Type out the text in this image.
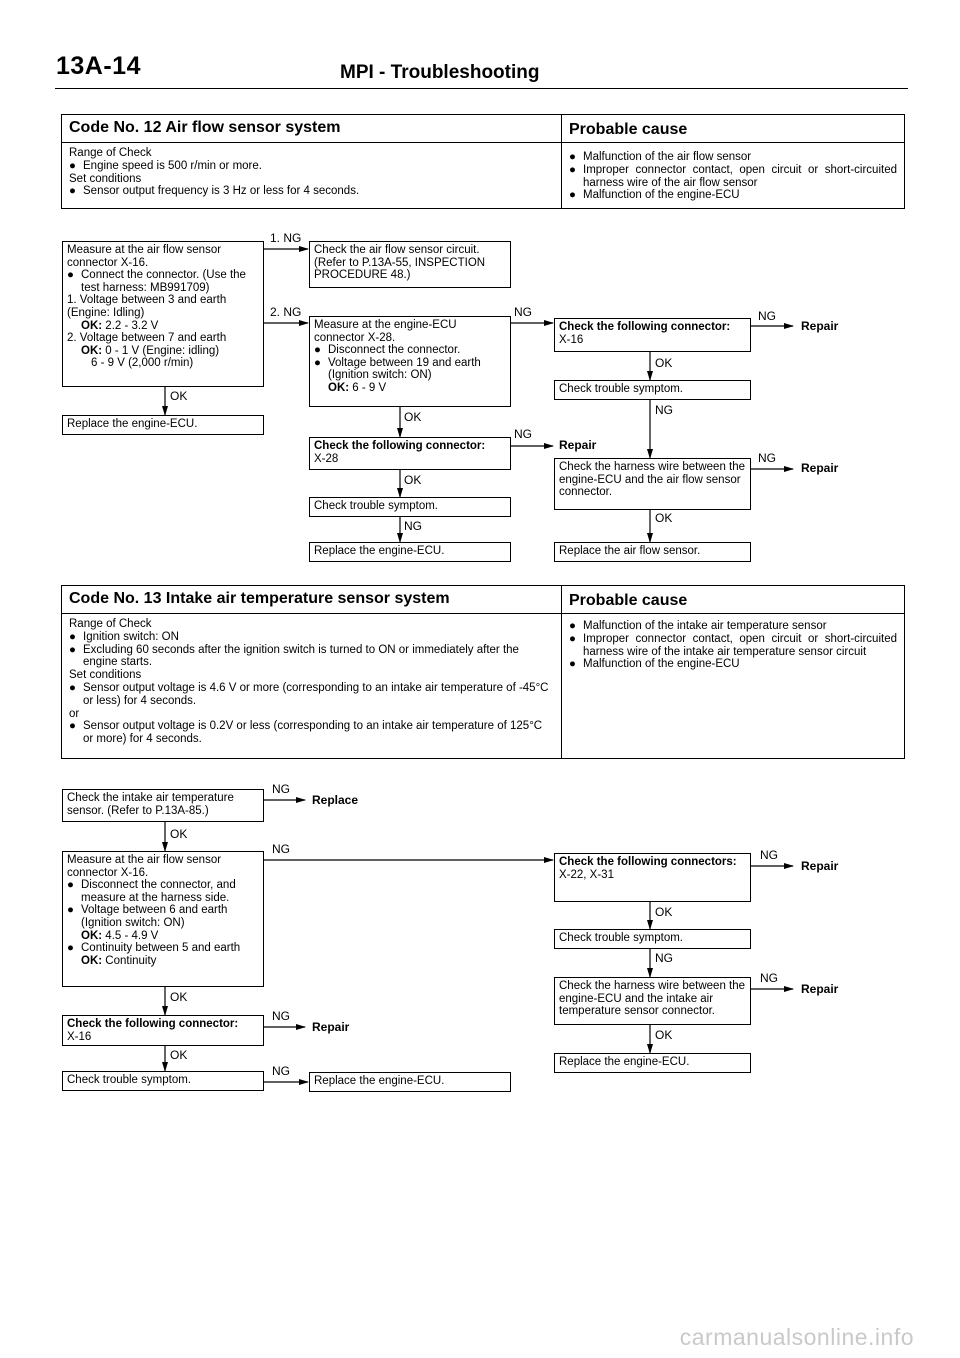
13A-14	MPI - Troubleshooting
Code No. 12 Air flow sensor system	Probable cause
Range of Check
● Engine speed is 500 r/min or more.
Set conditions
● Sensor output frequency is 3 Hz or less for 4 seconds.
● Malfunction of the air flow sensor
● Improper connector contact, open circuit or short-circuited harness wire of the air flow sensor
● Malfunction of the engine-ECU
1. NG
2. NG
OK
NG
OK
NG
Repair
OK
NG
NG
Repair
OK
NG
NG
Repair
OK
Measure at the air flow sensor connector X-16.
● Connect the connector. (Use the test harness: MB991709)
1. Voltage between 3 and earth (Engine: Idling)
OK: 2.2 - 3.2 V
2. Voltage between 7 and earth
OK: 0 - 1 V (Engine: idling)
6 - 9 V (2,000 r/min)
Replace the engine-ECU.
Check the air flow sensor circuit. (Refer to P.13A-55, INSPECTION PROCEDURE 48.)
Measure at the engine-ECU connector X-28.
● Disconnect the connector.
● Voltage between 19 and earth (Ignition switch: ON)
OK: 6 - 9 V
Check the following connector:
X-28
Check trouble symptom.
Replace the engine-ECU.
Check the following connector:
X-16
Check trouble symptom.
Check the harness wire between the engine-ECU and the air flow sensor connector.
Replace the air flow sensor.
Code No. 13 Intake air temperature sensor system	Probable cause
Range of Check
● Ignition switch: ON
● Excluding 60 seconds after the ignition switch is turned to ON or immediately after the engine starts.
Set conditions
● Sensor output voltage is 4.6 V or more (corresponding to an intake air temperature of -45°C or less) for 4 seconds.
or
● Sensor output voltage is 0.2V or less (corresponding to an intake air temperature of 125°C or more) for 4 seconds.
● Malfunction of the intake air temperature sensor
● Improper connector contact, open circuit or short-circuited harness wire of the intake air temperature sensor circuit
● Malfunction of the engine-ECU
NG
Replace
OK
NG
OK
NG
Repair
OK
NG
NG
Repair
OK
NG
NG
Repair
OK
Check the intake air temperature sensor. (Refer to P.13A-85.)
Measure at the air flow sensor connector X-16.
● Disconnect the connector, and measure at the harness side.
● Voltage between 6 and earth (Ignition switch: ON)
OK: 4.5 - 4.9 V
● Continuity between 5 and earth
OK: Continuity
Check the following connector:
X-16
Check trouble symptom.	Replace the engine-ECU.
Check the following connectors:
X-22, X-31
Check trouble symptom.
Check the harness wire between the engine-ECU and the intake air temperature sensor connector.
Replace the engine-ECU.
carmanualsonline.info
